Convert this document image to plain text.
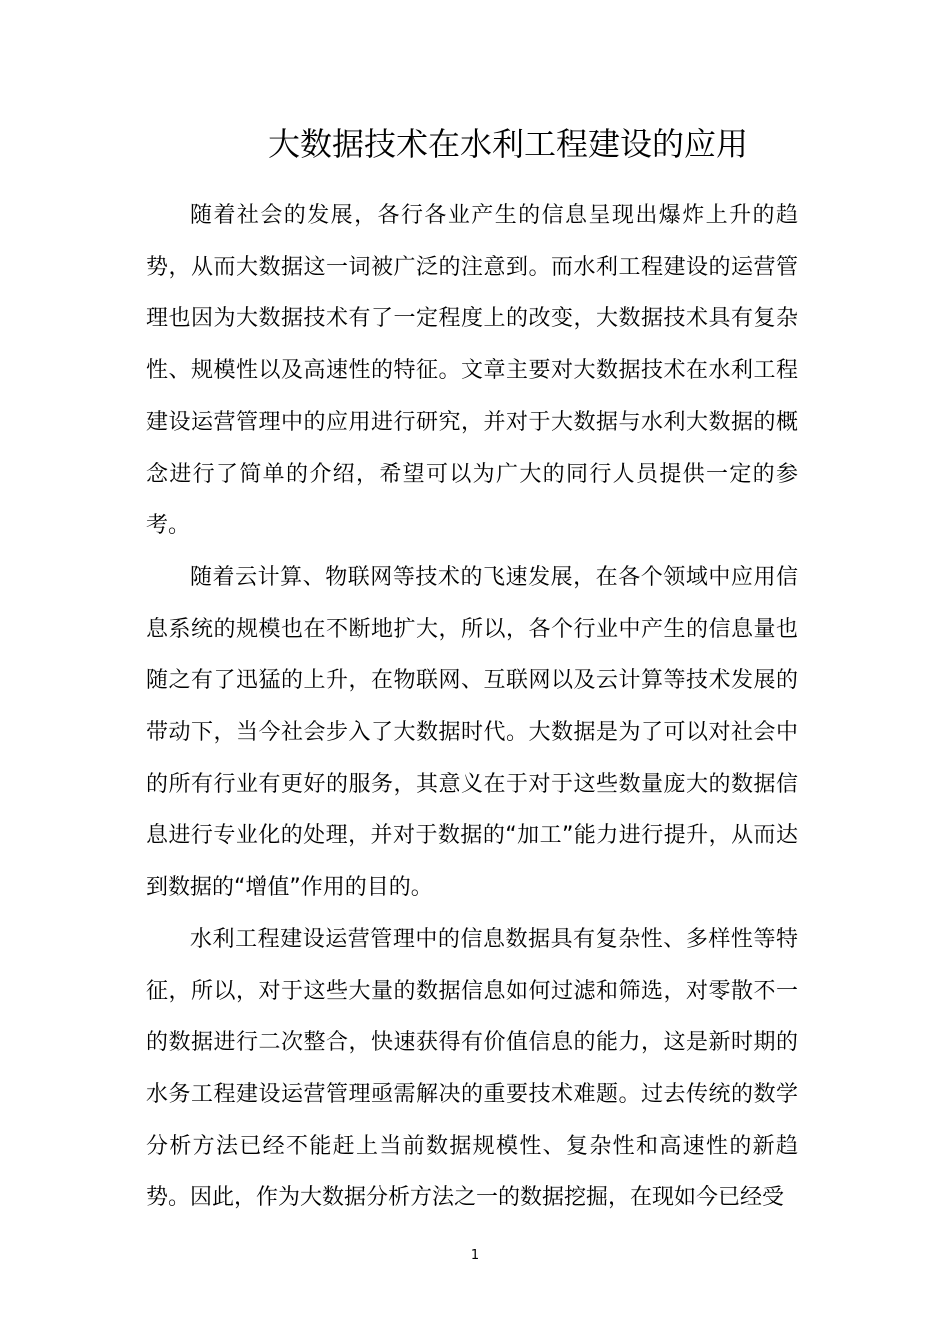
大数据技术在水利工程建设的应用

随着社会的发展，各行各业产生的信息呈现出爆炸上升的趋势，从而大数据这一词被广泛的注意到。而水利工程建设的运营管理也因为大数据技术有了一定程度上的改变，大数据技术具有复杂性、规模性以及高速性的特征。文章主要对大数据技术在水利工程建设运营管理中的应用进行研究，并对于大数据与水利大数据的概念进行了简单的介绍，希望可以为广大的同行人员提供一定的参考。

随着云计算、物联网等技术的飞速发展，在各个领域中应用信息系统的规模也在不断地扩大，所以，各个行业中产生的信息量也随之有了迅猛的上升，在物联网、互联网以及云计算等技术发展的带动下，当今社会步入了大数据时代。大数据是为了可以对社会中的所有行业有更好的服务，其意义在于对于这些数量庞大的数据信息进行专业化的处理，并对于数据的“加工”能力进行提升，从而达到数据的“增值”作用的目的。

水利工程建设运营管理中的信息数据具有复杂性、多样性等特征，所以，对于这些大量的数据信息如何过滤和筛选，对零散不一的数据进行二次整合，快速获得有价值信息的能力，这是新时期的水务工程建设运营管理亟需解决的重要技术难题。过去传统的数学分析方法已经不能赶上当前数据规模性、复杂性和高速性的新趋势。因此，作为大数据分析方法之一的数据挖掘，在现如今已经受

1
